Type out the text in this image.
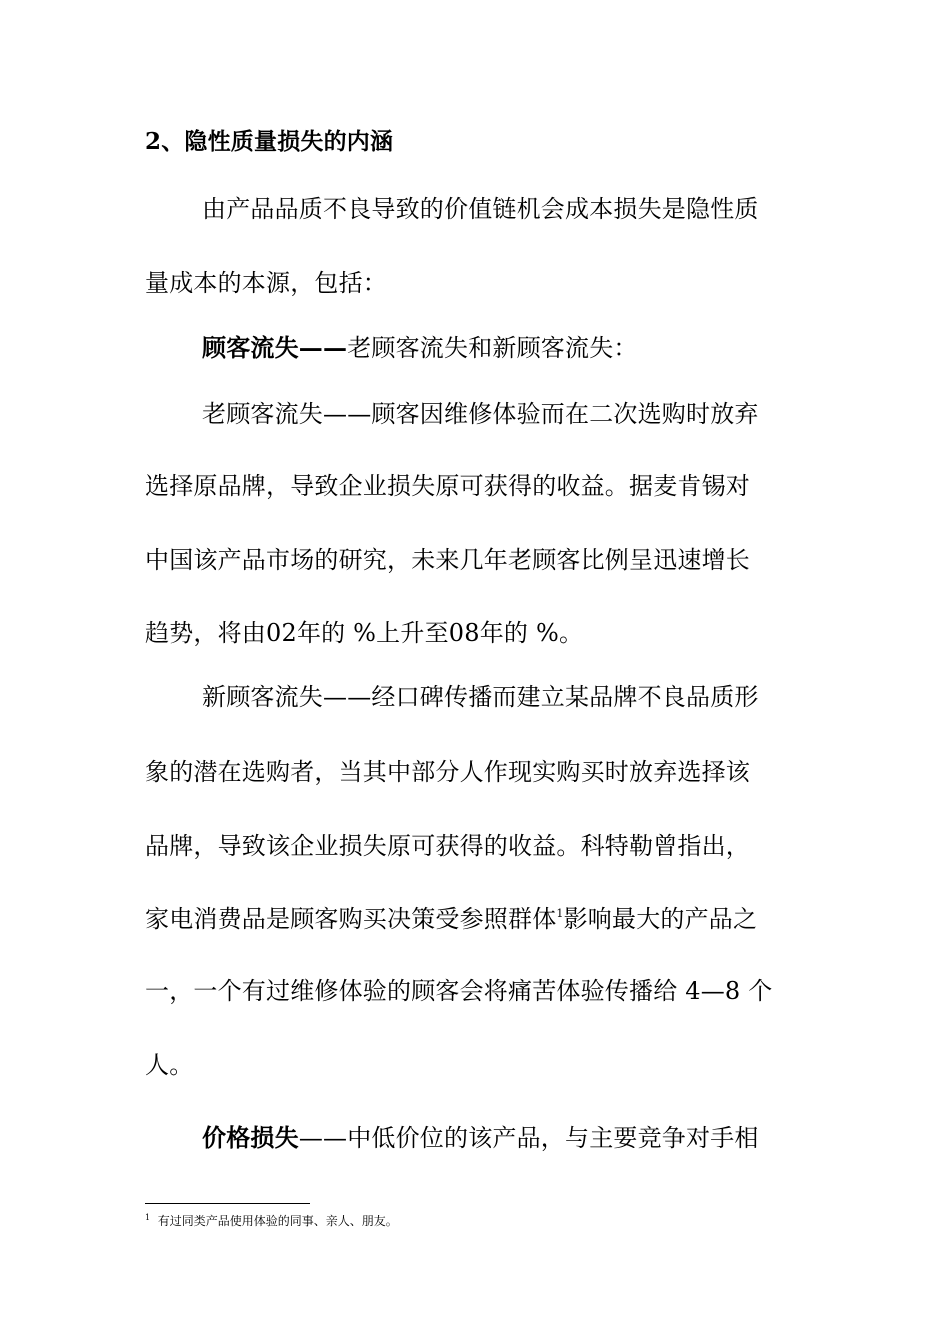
2、隐性质量损失的内涵
由产品品质不良导致的价值链机会成本损失是隐性质
量成本的本源，包括：
顾客流失——老顾客流失和新顾客流失：
老顾客流失——顾客因维修体验而在二次选购时放弃
选择原品牌，导致企业损失原可获得的收益。据麦肯锡对
中国该产品市场的研究，未来几年老顾客比例呈迅速增长
趋势，将由02年的 %上升至08年的 %。
新顾客流失——经口碑传播而建立某品牌不良品质形
象的潜在选购者，当其中部分人作现实购买时放弃选择该
品牌，导致该企业损失原可获得的收益。科特勒曾指出，
家电消费品是顾客购买决策受参照群体$^1$影响最大的产品之
一，一个有过维修体验的顾客会将痛苦体验传播给 4—8 个
人。
价格损失——中低价位的该产品，与主要竞争对手相
$^1$ 有过同类产品使用体验的同事、亲人、朋友。
